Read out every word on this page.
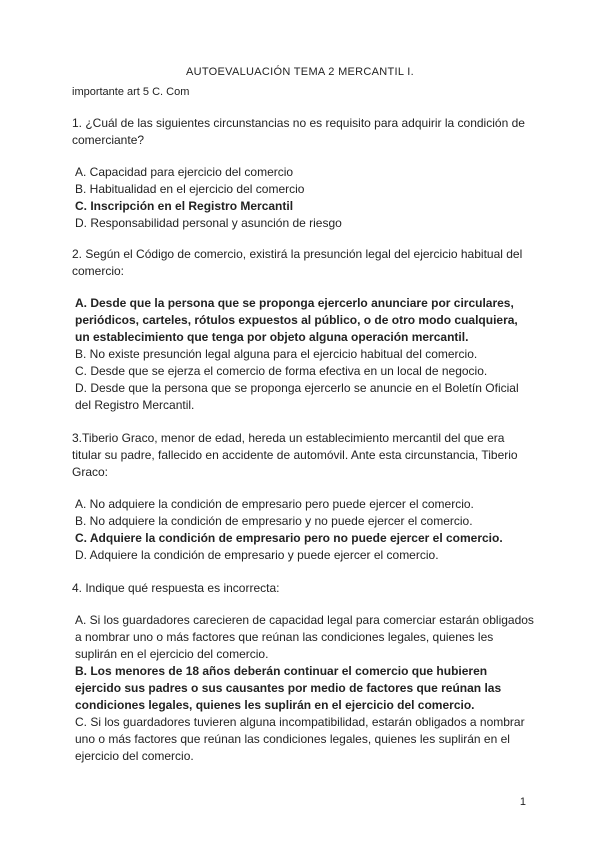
AUTOEVALUACIÓN TEMA 2 MERCANTIL I.
importante art 5 C. Com

1. ¿Cuál de las siguientes circunstancias no es requisito para adquirir la condición de comerciante?

A. Capacidad para ejercicio del comercio
B. Habitualidad en el ejercicio del comercio
C. Inscripción en el Registro Mercantil
D. Responsabilidad personal y asunción de riesgo

2. Según el Código de comercio, existirá la presunción legal del ejercicio habitual del comercio:

A. Desde que la persona que se proponga ejercerlo anunciare por circulares, periódicos, carteles, rótulos expuestos al público, o de otro modo cualquiera, un establecimiento que tenga por objeto alguna operación mercantil.
B. No existe presunción legal alguna para el ejercicio habitual del comercio.
C. Desde que se ejerza el comercio de forma efectiva en un local de negocio.
D. Desde que la persona que se proponga ejercerlo se anuncie en el Boletín Oficial del Registro Mercantil.

3.Tiberio Graco, menor de edad, hereda un establecimiento mercantil del que era titular su padre, fallecido en accidente de automóvil. Ante esta circunstancia, Tiberio Graco:

A. No adquiere la condición de empresario pero puede ejercer el comercio.
B. No adquiere la condición de empresario y no puede ejercer el comercio.
C. Adquiere la condición de empresario pero no puede ejercer el comercio.
D. Adquiere la condición de empresario y puede ejercer el comercio.

4. Indique qué respuesta es incorrecta:

A. Si los guardadores carecieren de capacidad legal para comerciar estarán obligados a nombrar uno o más factores que reúnan las condiciones legales, quienes les suplirán en el ejercicio del comercio.
B. Los menores de 18 años deberán continuar el comercio que hubieren ejercido sus padres o sus causantes por medio de factores que reúnan las condiciones legales, quienes les suplirán en el ejercicio del comercio.
C. Si los guardadores tuvieren alguna incompatibilidad, estarán obligados a nombrar uno o más factores que reúnan las condiciones legales, quienes les suplirán en el ejercicio del comercio.
1
